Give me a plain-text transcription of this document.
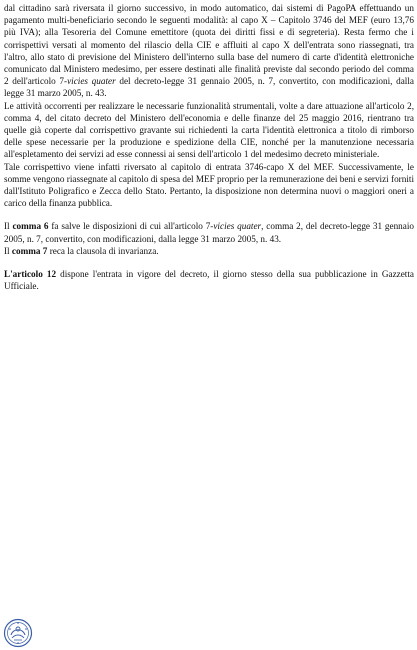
dal cittadino sarà riversata il giorno successivo, in modo automatico, dai sistemi di PagoPA effettuando un pagamento multi-beneficiario secondo le seguenti modalità: al capo X – Capitolo 3746 del MEF (euro 13,76 più IVA); alla Tesoreria del Comune emettitore (quota dei diritti fissi e di segreteria). Resta fermo che i corrispettivi versati al momento del rilascio della CIE e affluiti al capo X dell'entrata sono riassegnati, tra l'altro, allo stato di previsione del Ministero dell'interno sulla base del numero di carte d'identità elettroniche comunicato dal Ministero medesimo, per essere destinati alle finalità previste dal secondo periodo del comma 2 dell'articolo 7-vicies quater del decreto-legge 31 gennaio 2005, n. 7, convertito, con modificazioni, dalla legge 31 marzo 2005, n. 43.

Le attività occorrenti per realizzare le necessarie funzionalità strumentali, volte a dare attuazione all'articolo 2, comma 4, del citato decreto del Ministero dell'economia e delle finanze del 25 maggio 2016, rientrano tra quelle già coperte dal corrispettivo gravante sui richiedenti la carta l'identità elettronica a titolo di rimborso delle spese necessarie per la produzione e spedizione della CIE, nonché per la manutenzione necessaria all'espletamento dei servizi ad esse connessi ai sensi dell'articolo 1 del medesimo decreto ministeriale.

Tale corrispettivo viene infatti riversato al capitolo di entrata 3746-capo X del MEF. Successivamente, le somme vengono riassegnate al capitolo di spesa del MEF proprio per la remunerazione dei beni e servizi forniti dall'Istituto Poligrafico e Zecca dello Stato. Pertanto, la disposizione non determina nuovi o maggiori oneri a carico della finanza pubblica.

Il comma 6 fa salve le disposizioni di cui all'articolo 7-vicies quater, comma 2, del decreto-legge 31 gennaio 2005, n. 7, convertito, con modificazioni, dalla legge 31 marzo 2005, n. 43.

Il comma 7 reca la clausola di invarianza.

L'articolo 12 dispone l'entrata in vigore del decreto, il giorno stesso della sua pubblicazione in Gazzetta Ufficiale.
